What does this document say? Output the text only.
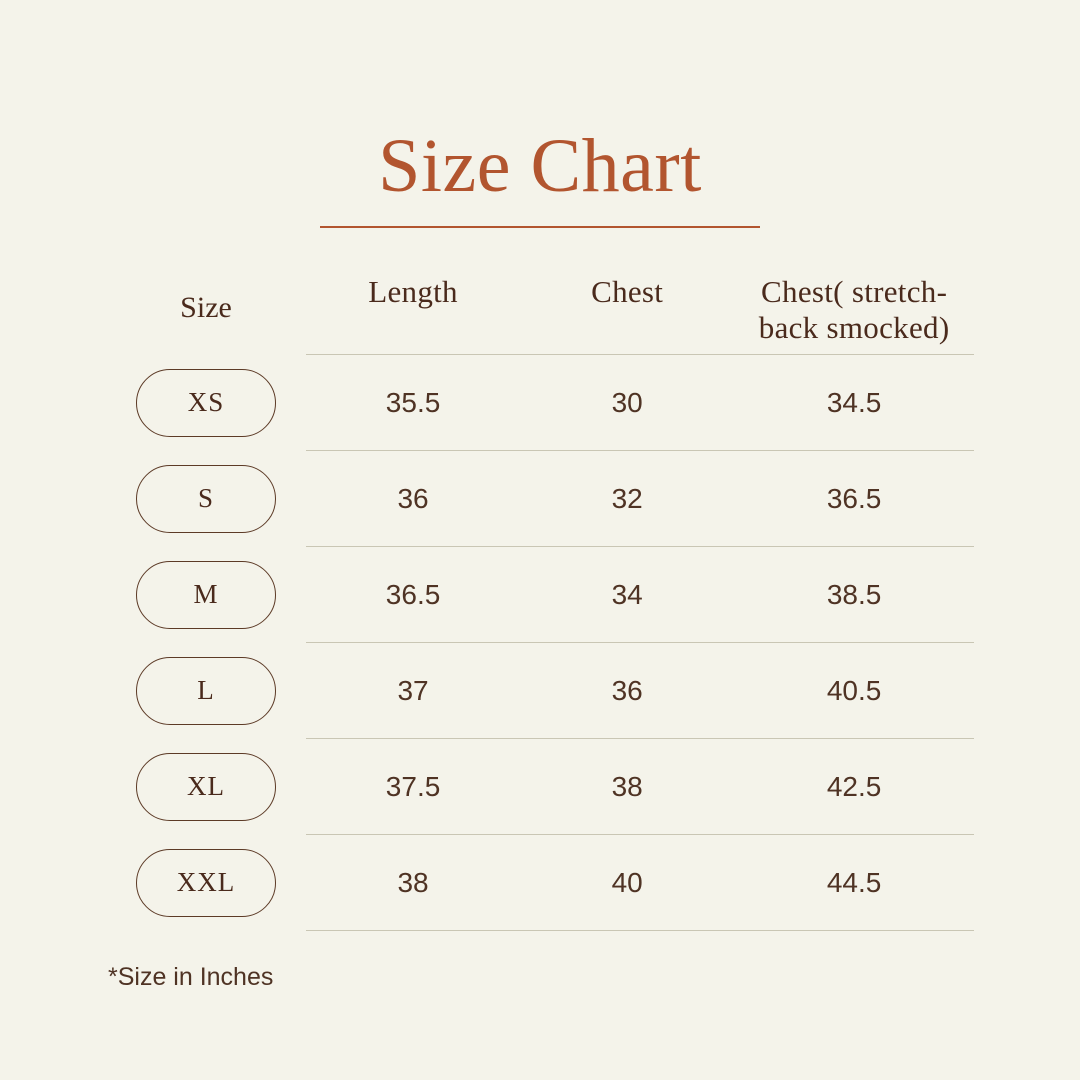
Size Chart
Size	Length	Chest	Chest( stretch-back smocked)
XS	35.5	30	34.5
S	36	32	36.5
M	36.5	34	38.5
L	37	36	40.5
XL	37.5	38	42.5
XXL	38	40	44.5
*Size in Inches
